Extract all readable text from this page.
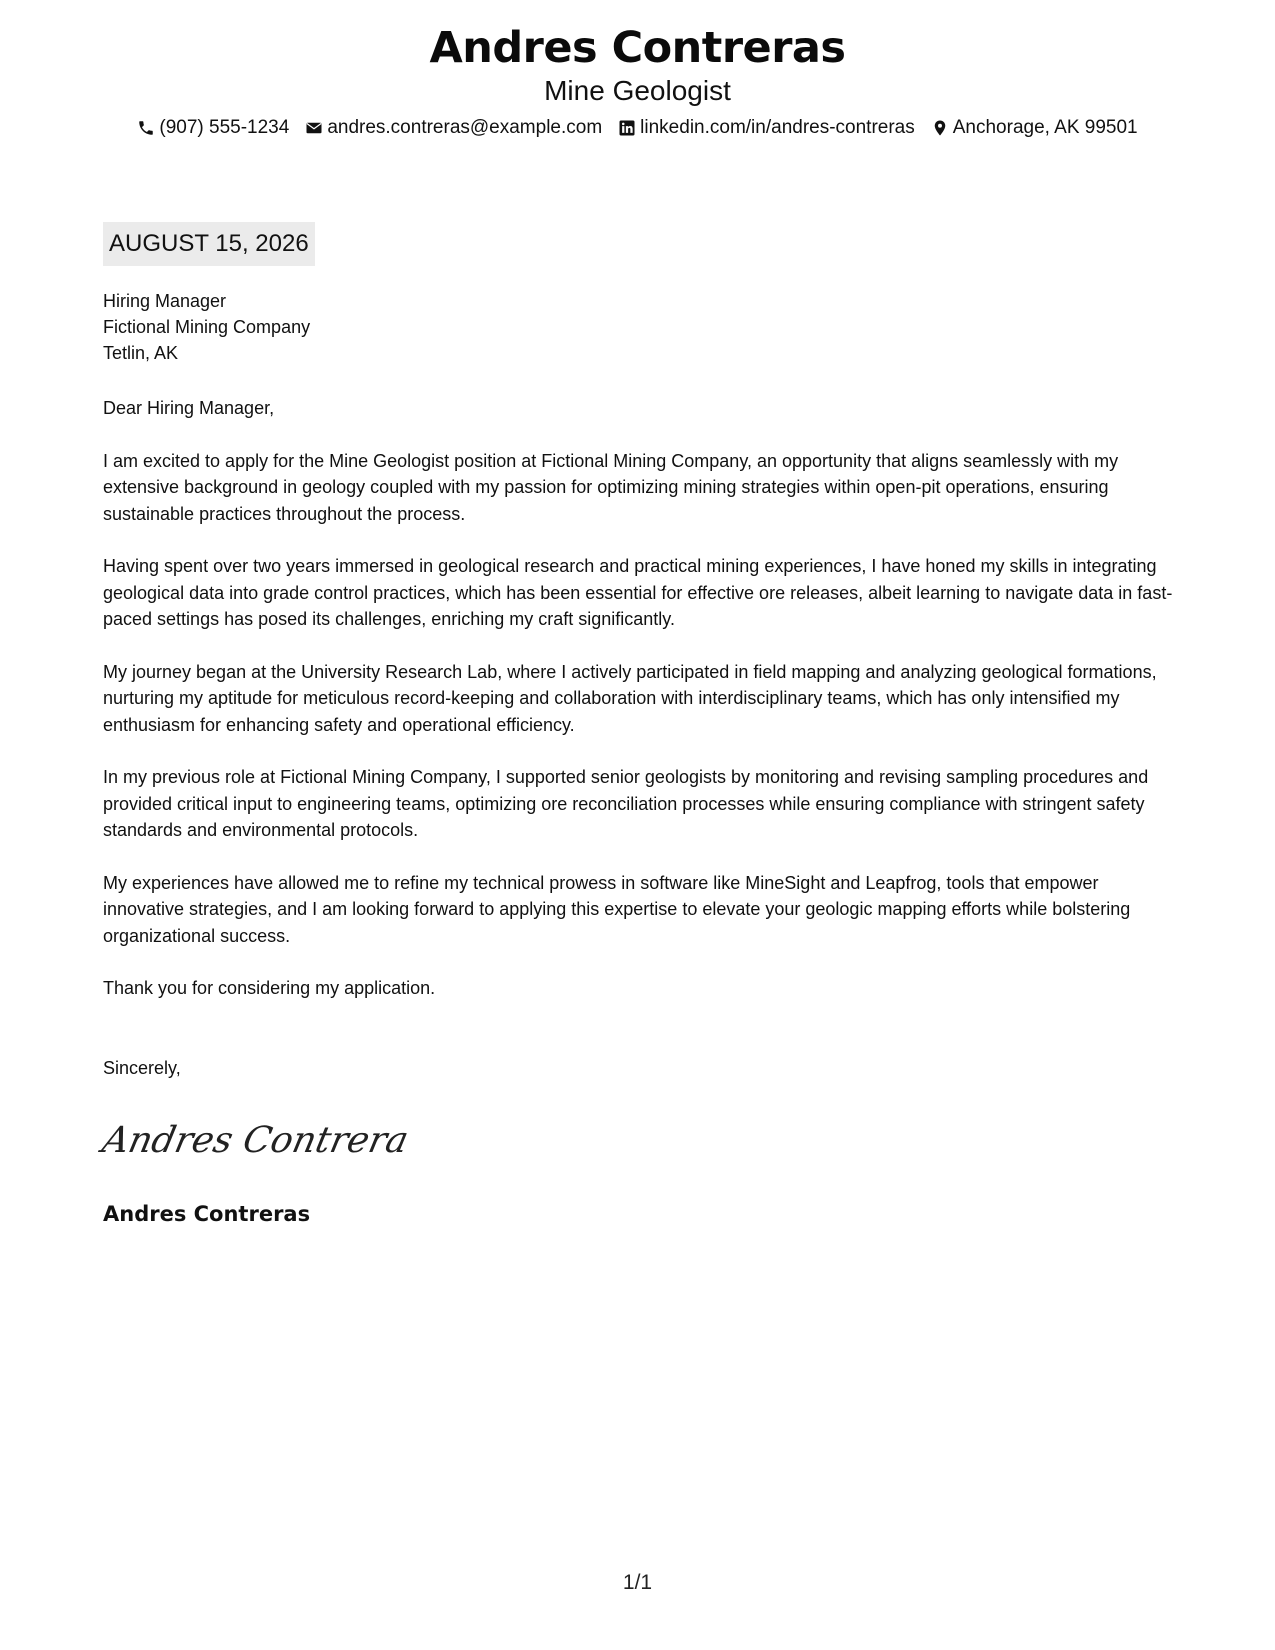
Andres Contreras
Mine Geologist
(907) 555-1234 andres.contreras@example.com linkedin.com/in/andres-contreras Anchorage, AK 99501
AUGUST 15, 2026
Hiring Manager
Fictional Mining Company
Tetlin, AK

Dear Hiring Manager,

I am excited to apply for the Mine Geologist position at Fictional Mining Company, an opportunity that aligns seamlessly with my extensive background in geology coupled with my passion for optimizing mining strategies within open-pit operations, ensuring sustainable practices throughout the process.

Having spent over two years immersed in geological research and practical mining experiences, I have honed my skills in integrating geological data into grade control practices, which has been essential for effective ore releases, albeit learning to navigate data in fast-paced settings has posed its challenges, enriching my craft significantly.

My journey began at the University Research Lab, where I actively participated in field mapping and analyzing geological formations, nurturing my aptitude for meticulous record-keeping and collaboration with interdisciplinary teams, which has only intensified my enthusiasm for enhancing safety and operational efficiency.

In my previous role at Fictional Mining Company, I supported senior geologists by monitoring and revising sampling procedures and provided critical input to engineering teams, optimizing ore reconciliation processes while ensuring compliance with stringent safety standards and environmental protocols.

My experiences have allowed me to refine my technical prowess in software like MineSight and Leapfrog, tools that empower innovative strategies, and I am looking forward to applying this expertise to elevate your geologic mapping efforts while bolstering organizational success.

Thank you for considering my application.

Sincerely,
Andres Contrera
Andres Contreras
1/1
